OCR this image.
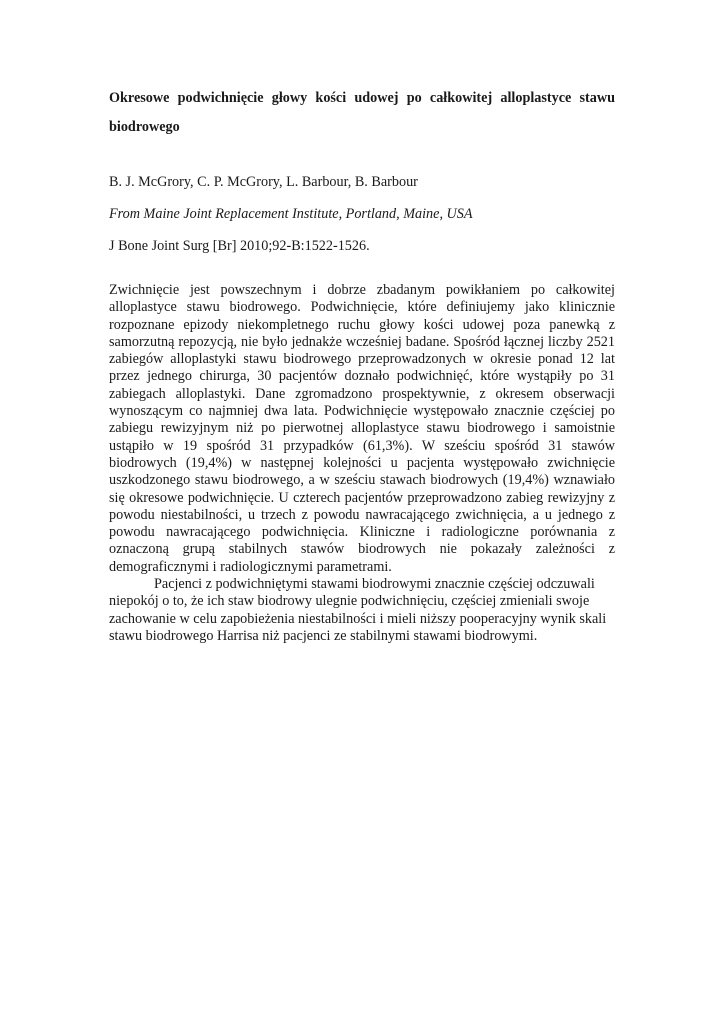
Okresowe podwichnięcie głowy kości udowej po całkowitej alloplastyce stawu biodrowego

B. J. McGrory, C. P. McGrory, L. Barbour, B. Barbour

From Maine Joint Replacement Institute, Portland, Maine, USA

J Bone Joint Surg [Br] 2010;92-B:1522-1526.

Zwichnięcie jest powszechnym i dobrze zbadanym powikłaniem po całkowitej alloplastyce stawu biodrowego. Podwichnięcie, które definiujemy jako klinicznie rozpoznane epizody niekompletnego ruchu głowy kości udowej poza panewką z samorzutną repozycją, nie było jednakże wcześniej badane. Spośród łącznej liczby 2521 zabiegów alloplastyki stawu biodrowego przeprowadzonych w okresie ponad 12 lat przez jednego chirurga, 30 pacjentów doznało podwichnięć, które wystąpiły po 31 zabiegach alloplastyki. Dane zgromadzono prospektywnie, z okresem obserwacji wynoszącym co najmniej dwa lata. Podwichnięcie występowało znacznie częściej po zabiegu rewizyjnym niż po pierwotnej alloplastyce stawu biodrowego i samoistnie ustąpiło w 19 spośród 31 przypadków (61,3%). W sześciu spośród 31 stawów biodrowych (19,4%) w następnej kolejności u pacjenta występowało zwichnięcie uszkodzonego stawu biodrowego, a w sześciu stawach biodrowych (19,4%) wznawiało się okresowe podwichnięcie. U czterech pacjentów przeprowadzono zabieg rewizyjny z powodu niestabilności, u trzech z powodu nawracającego zwichnięcia, a u jednego z powodu nawracającego podwichnięcia. Kliniczne i radiologiczne porównania z oznaczoną grupą stabilnych stawów biodrowych nie pokazały zależności z demograficznymi i radiologicznymi parametrami.

Pacjenci z podwichniętymi stawami biodrowymi znacznie częściej odczuwali niepokój o to, że ich staw biodrowy ulegnie podwichnięciu, częściej zmieniali swoje zachowanie w celu zapobieżenia niestabilności i mieli niższy pooperacyjny wynik skali stawu biodrowego Harrisa niż pacjenci ze stabilnymi stawami biodrowymi.
